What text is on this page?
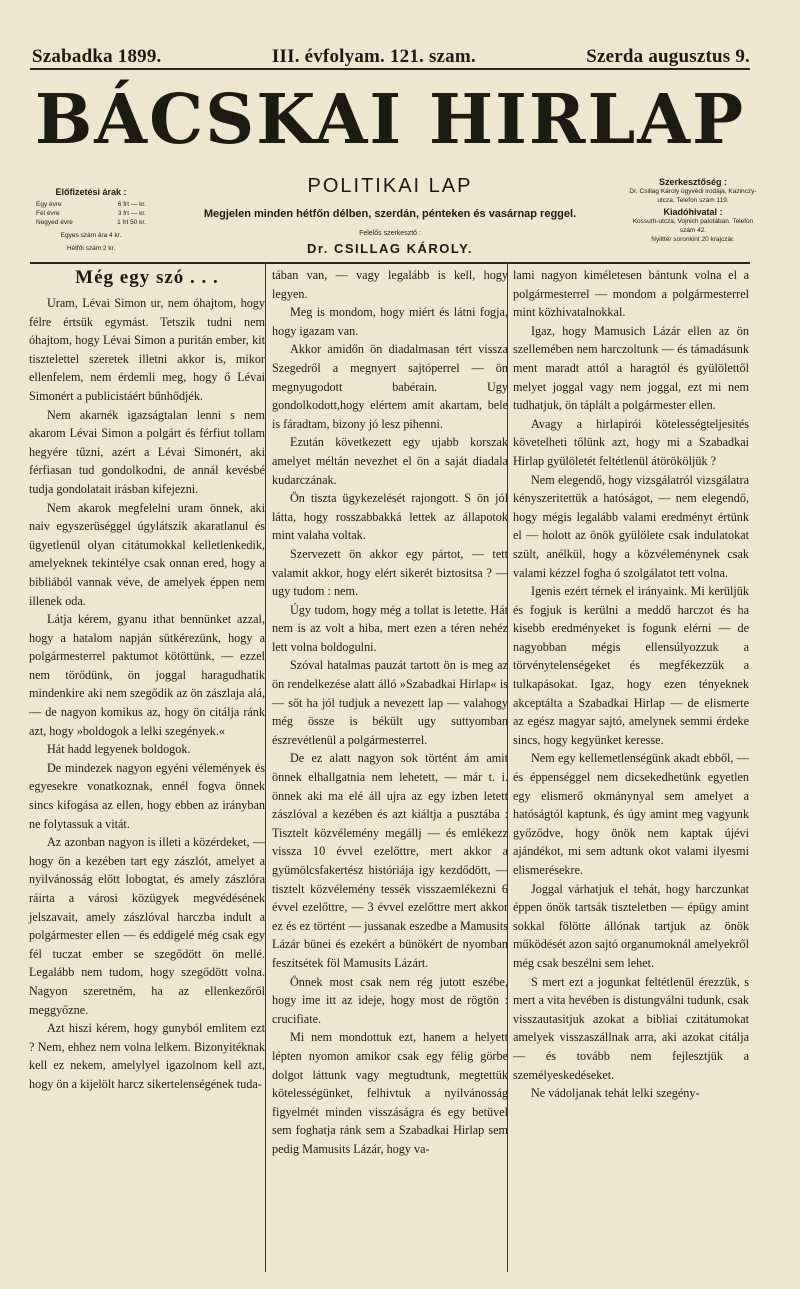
Szabadka 1899.	III. évfolyam. 121. szam.	Szerda augusztus 9.
BÁCSKAI HIRLAP
Előfizetési árak :
Egy évre	6 frt — kr.
Fél évre	3 frt — kr.
Negyed évre	1 frt 50 kr.
Egyes szám ára 4 kr.
Hétfői szám 2 kr.
POLITIKAI LAP
Megjelen minden hétfőn délben, szerdán, pénteken és vasárnap reggel.
Felelős szerkesztő :
Dr. CSILLAG KÁROLY.
Szerkesztőség :
Dr. Csillag Károly ügyvédi irodája, Kazinczy-utcza. Telefon szám 119.
Kiadóhivatal :
Kossuth-utcza, Vojnich palotában. Telefon szám 42.
Nyilttér soronkint 20 krajczár.
Még egy szó . . .

Uram, Lévai Simon ur, nem óhajtom, hogy félre értsük egymást. Tetszik tudni nem óhajtom, hogy Lévai Simon a puritán ember, kit tisztelettel szeretek illetni akkor is, mikor ellenfelem, nem érdemli meg, hogy ő Lévai Simonért a publicistáért bűnhődjék.

Nem akarnék igazságtalan lenni s nem akarom Lévai Simon a polgárt és férfiut tollam hegyére tűzni, azért a Lévai Simonért, aki férfiasan tud gondolkodni, de annál kevésbé tudja gondolatait irásban kifejezni.

Nem akarok megfelelni uram önnek, aki naiv egyszerüséggel úgylátszik akaratlanul és ügyetlenül olyan citátumokkal kelletlenkedik, amelyeknek tekintélye csak onnan ered, hogy a bibliából vannak véve, de amelyek éppen nem illenek oda.

Látja kérem, gyanu ithat bennünket azzal, hogy a hatalom napján sütkérezünk, hogy a polgármesterrel paktumot kötöttünk, — ezzel nem törődünk, ön joggal haragudhatik mindenkire aki nem szegődik az ön zászlaja alá, — de nagyon komikus az, hogy ön citálja ránk azt, hogy »boldogok a lelki szegények.«

Hát hadd legyenek boldogok.

De mindezek nagyon egyéni vélemények és egyesekre vonatkoznak, ennél fogva önnek sincs kifogása az ellen, hogy ebben az irányban ne folytassuk a vitát.

Az azonban nagyon is illeti a közérdeket, — hogy ön a kezében tart egy zászlót, amelyet a nyilvánosság előtt lobogtat, és amely zászlóra ráirta a városi közügyek megvédésének jelszavait, amely zászlóval harczba indult a polgármester ellen — és eddigelé még csak egy fél tuczat ember se szegődött ön mellé. Legalább nem tudom, hogy szegődött volna. Nagyon szeretném, ha az ellenkezőről meggyőzne.

Azt hiszi kérem, hogy gunyból emlitem ezt ? Nem, ehhez nem volna lelkem. Bizonyitéknak kell ez nekem, amelylyel igazolnom kell azt, hogy ön a kijelölt harcz sikertelenségének tuda-

tában van, — vagy legalább is kell, hogy legyen.

Meg is mondom, hogy miért és látni fogja, hogy igazam van.

Akkor amidőn ön diadalmasan tért vissza Szegedről a megnyert sajtóperrel — ön megnyugodott babérain. Ugy gondolkodott,hogy elértem amit akartam, bele is fáradtam, bizony jó lesz pihenni.

Ezután következett egy ujabb korszak amelyet méltán nevezhet el ön a saját diadala kudarczának.

Ön tiszta ügykezelését rajongott. S ön jól látta, hogy rosszabbakká lettek az állapotok mint valaha voltak.

Szervezett ön akkor egy pártot, — tett valamit akkor, hogy elért sikerét biztositsa ? — ugy tudom : nem.

Úgy tudom, hogy még a tollat is letette. Hát nem is az volt a hiba, mert ezen a téren nehéz lett volna boldogulni.

Szóval hatalmas pauzát tartott ön is meg az ön rendelkezése alatt álló »Szabadkai Hirlap« is — sőt ha jól tudjuk a nevezett lap — valahogy még össze is békült ugy suttyomban észrevétlenül a polgármesterrel.

De ez alatt nagyon sok történt ám amit önnek elhallgatnia nem lehetett, — már t. i. önnek aki ma elé áll ujra az egy izben letett zászlóval a kezében és azt kiáltja a pusztába : Tisztelt közvélemény megállj — és emlékezz vissza 10 évvel ezelőttre, mert akkor a gyümölcsfakertész históriája igy kezdődött, — tisztelt közvélemény tessék visszaemlékezni 6 évvel ezelőttre, — 3 évvel ezelőttre mert akkor ez és ez történt — jussanak eszedbe a Mamusits Lázár bünei és ezekért a bünökért de nyomban feszitsétek föl Mamusits Lázárt.

Önnek most csak nem rég jutott eszébe, hogy ime itt az ideje, hogy most de rögtön : crucifiate.

Mi nem mondottuk ezt, hanem a helyett lépten nyomon amikor csak egy félig görbe dolgot láttunk vagy megtudtunk, megtettük kötelességünket, felhivtuk a nyilvánosság figyelmét minden visszáságra és egy betüvel sem foghatja ránk sem a Szabadkai Hirlap sem pedig Mamusits Lázár, hogy va-

lami nagyon kiméletesen bántunk volna el a polgármesterrel — mondom a polgármesterrel mint közhivatalnokkal.

Igaz, hogy Mamusich Lázár ellen az ön szellemében nem harczoltunk — és támadásunk ment maradt attól a haragtól és gyülölettől melyet joggal vagy nem joggal, ezt mi nem tudhatjuk, ön táplált a polgármester ellen.

Avagy a hirlapirói kötelességteljesités követelheti tőlünk azt, hogy mi a Szabadkai Hirlap gyülöletét feltétlenül átörököljük ?

Nem elegendő, hogy vizsgálatról vizsgálatra kényszeritettük a hatóságot, — nem elegendő, hogy mégis legalább valami eredményt értünk el — holott az önök gyülölete csak indulatokat szült, anélkül, hogy a közvéleménynek csak valami kézzel fogha ó szolgálatot tett volna.

Igenis ezért térnek el irányaink. Mi kerüljük és fogjuk is kerülni a meddő harczot és ha kisebb eredményeket is fogunk elérni — de nagyobban mégis ellensúlyozzuk a törvénytelenségeket és megfékezzük a tulkapásokat. Igaz, hogy ezen tényeknek akceptálta a Szabadkai Hirlap — de elismerte az egész magyar sajtó, amelynek semmi érdeke sincs, hogy kegyünket keresse.

Nem egy kellemetlenségünk akadt ebből, — és éppenséggel nem dicsekedhetünk egyetlen egy elismerő okmánynyal sem amelyet a hatóságtól kaptunk, és úgy amint meg vagyunk győződve, hogy önök nem kaptak újévi ajándékot, mi sem adtunk okot valami ilyesmi elismerésekre.

Joggal várhatjuk el tehát, hogy harczunkat éppen önök tartsák tiszteletben — épügy amint sokkal fölötte állónak tartjuk az önök működését azon sajtó organumoknál amelyekről még csak beszélni sem lehet.

S mert ezt a jogunkat feltétlenül érezzük, s mert a vita hevében is distungválni tudunk, csak visszautasitjuk azokat a bibliai czitátumokat amelyek visszaszállnak arra, aki azokat citálja — és tovább nem fejlesztjük a személyeskedéseket.

Ne vádoljanak tehát lelki szegény-
